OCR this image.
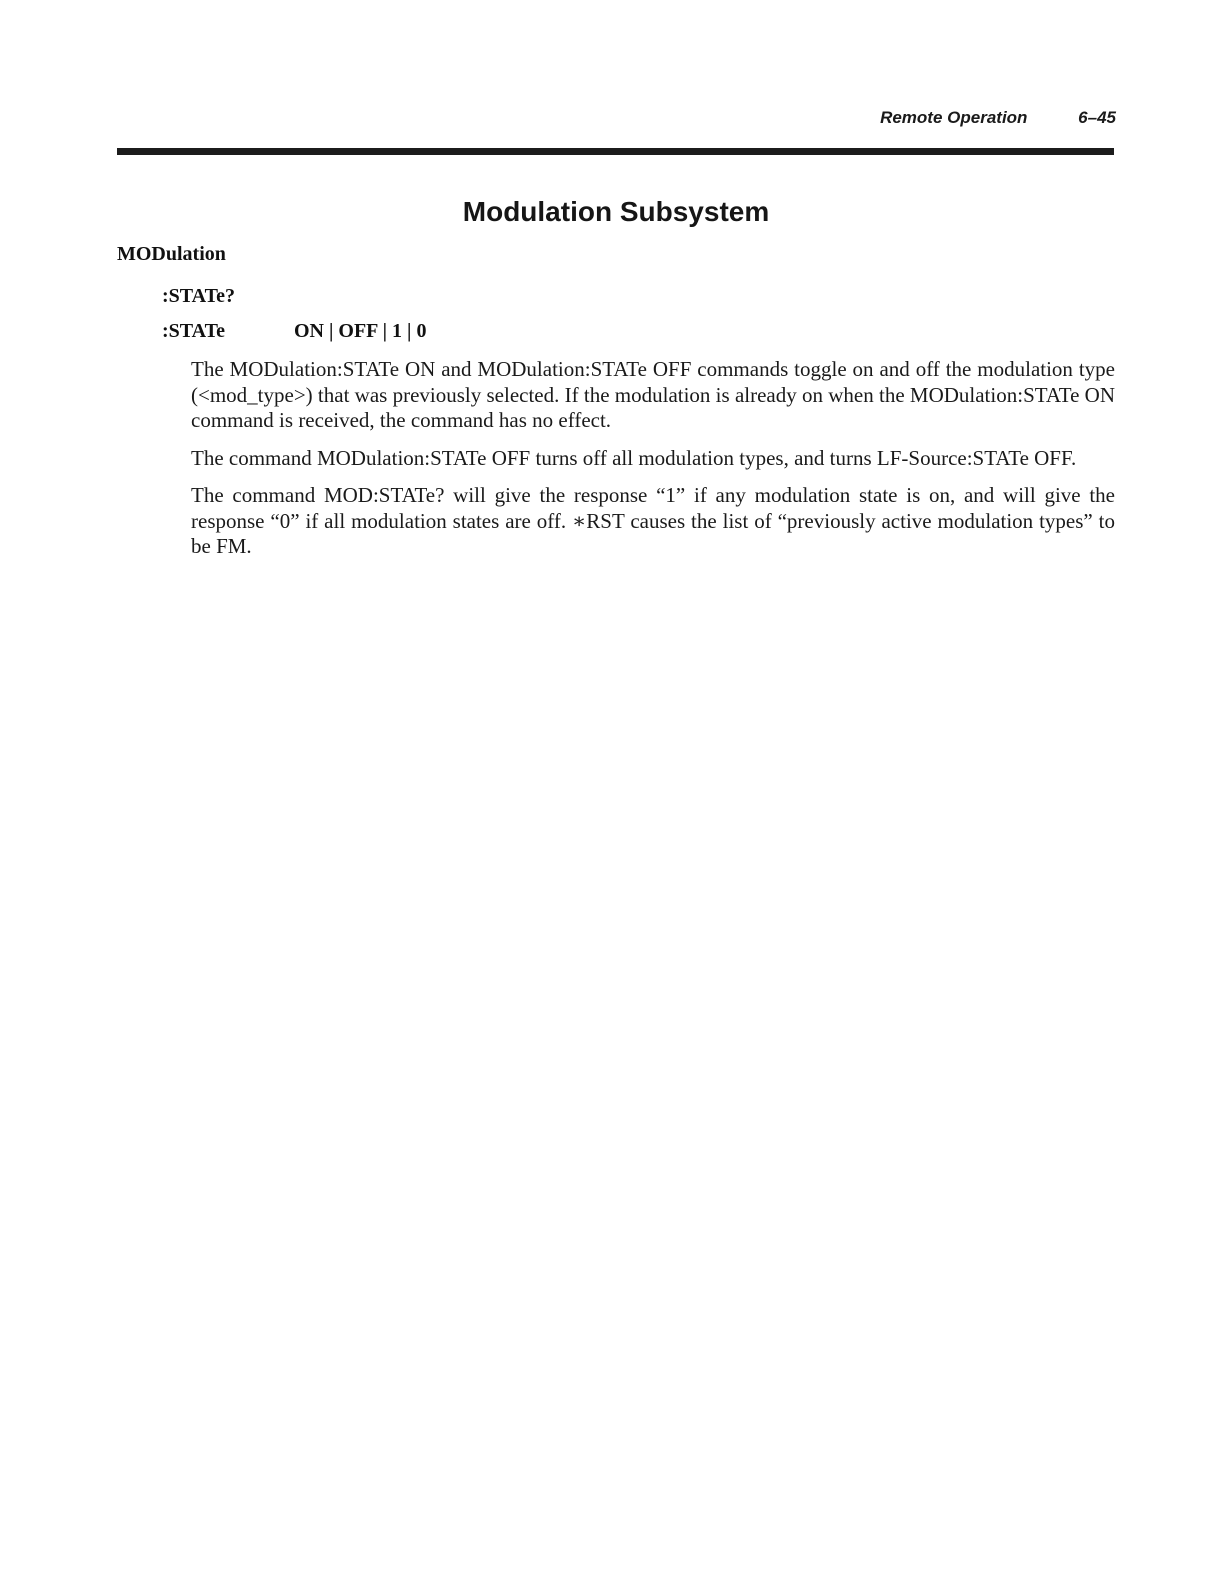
Remote Operation	6–45
Modulation Subsystem
MODulation
:STATe?
:STATe	ON | OFF | 1 | 0

The MODulation:STATe ON and MODulation:STATe OFF commands toggle on and off the modulation type (<mod_type>) that was previously selected. If the modulation is already on when the MODulation:STATe ON command is received, the command has no effect.

The command MODulation:STATe OFF turns off all modulation types, and turns LF-Source:STATe OFF.

The command MOD:STATe? will give the response “1” if any modulation state is on, and will give the response “0” if all modulation states are off. ∗RST causes the list of “previously active modulation types” to be FM.
